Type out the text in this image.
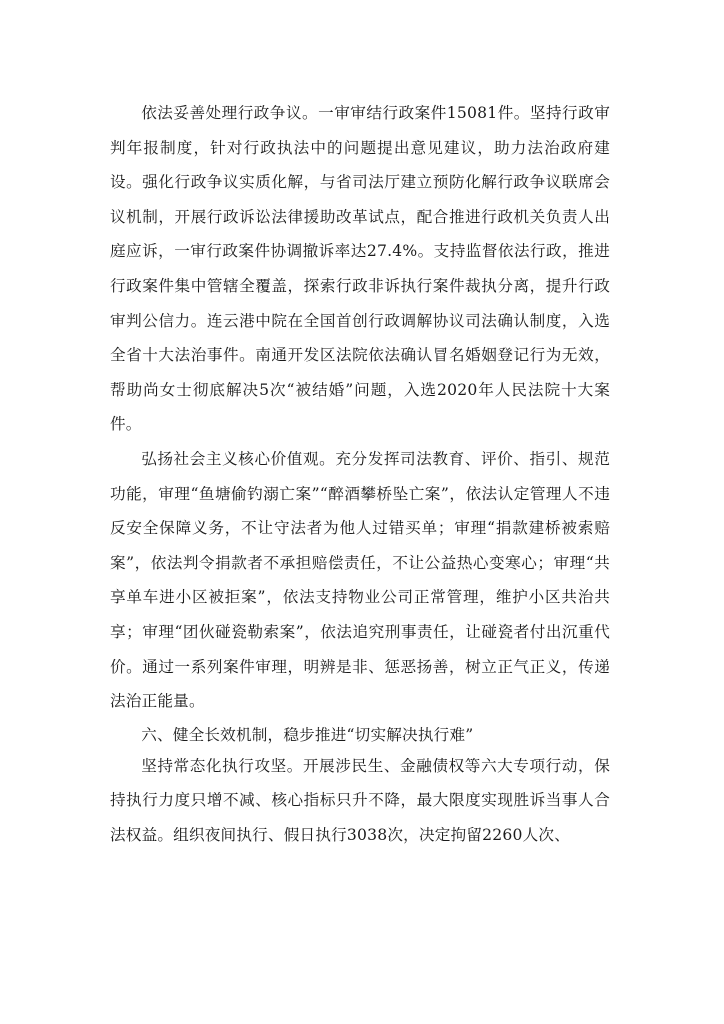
依法妥善处理行政争议。一审审结行政案件15081件。坚持行政审判年报制度，针对行政执法中的问题提出意见建议，助力法治政府建设。强化行政争议实质化解，与省司法厅建立预防化解行政争议联席会议机制，开展行政诉讼法律援助改革试点，配合推进行政机关负责人出庭应诉，一审行政案件协调撤诉率达27.4%。支持监督依法行政，推进行政案件集中管辖全覆盖，探索行政非诉执行案件裁执分离，提升行政审判公信力。连云港中院在全国首创行政调解协议司法确认制度，入选全省十大法治事件。南通开发区法院依法确认冒名婚姻登记行为无效，帮助尚女士彻底解决5次“被结婚”问题，入选2020年人民法院十大案件。

弘扬社会主义核心价值观。充分发挥司法教育、评价、指引、规范功能，审理“鱼塘偷钓溺亡案”“醉酒攀桥坠亡案”，依法认定管理人不违反安全保障义务，不让守法者为他人过错买单；审理“捐款建桥被索赔案”，依法判令捐款者不承担赔偿责任，不让公益热心变寒心；审理“共享单车进小区被拒案”，依法支持物业公司正常管理，维护小区共治共享；审理“团伙碰瓷勒索案”，依法追究刑事责任，让碰瓷者付出沉重代价。通过一系列案件审理，明辨是非、惩恶扬善，树立正气正义，传递法治正能量。

六、健全长效机制，稳步推进“切实解决执行难”

坚持常态化执行攻坚。开展涉民生、金融债权等六大专项行动，保持执行力度只增不减、核心指标只升不降，最大限度实现胜诉当事人合法权益。组织夜间执行、假日执行3038次，决定拘留2260人次、
